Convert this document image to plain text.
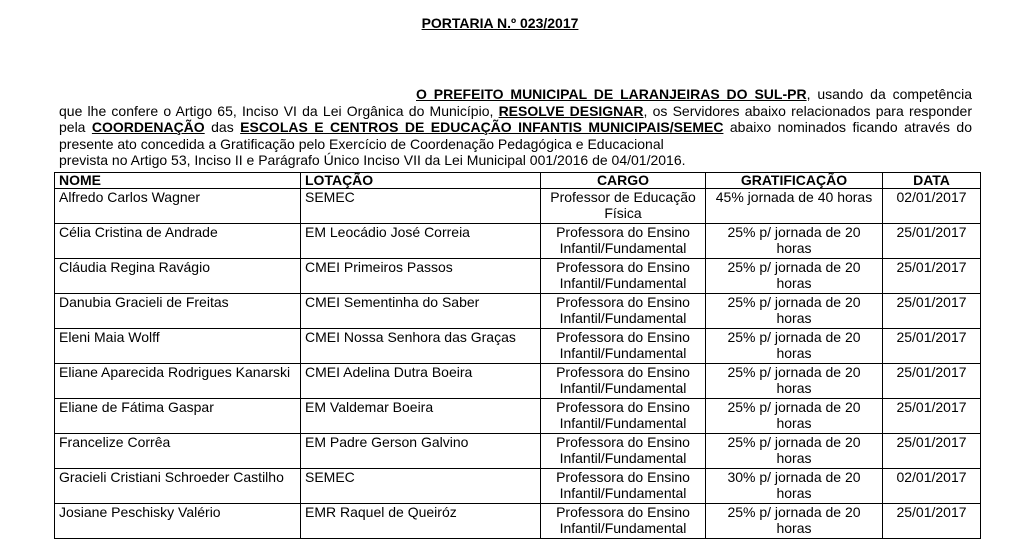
PORTARIA N.º 023/2017
O PREFEITO MUNICIPAL DE LARANJEIRAS DO SUL-PR, usando da competência que lhe confere o Artigo 65, Inciso VI da Lei Orgânica do Município, RESOLVE DESIGNAR, os Servidores abaixo relacionados para responder pela COORDENAÇÃO das ESCOLAS E CENTROS DE EDUCAÇÃO INFANTIS MUNICIPAIS/SEMEC abaixo nominados ficando através do presente ato concedida a Gratificação pelo Exercício de Coordenação Pedagógica e Educacional
prevista no Artigo 53, Inciso II e Parágrafo Único Inciso VII da Lei Municipal 001/2016 de 04/01/2016.
NOME	LOTAÇÃO	CARGO	GRATIFICAÇÃO	DATA
Alfredo Carlos Wagner	SEMEC	Professor de Educação Física	45% jornada de 40 horas	02/01/2017
Célia Cristina de Andrade	EM Leocádio José Correia	Professora do Ensino Infantil/Fundamental	25% p/ jornada de 20 horas	25/01/2017
Cláudia Regina Ravágio	CMEI Primeiros Passos	Professora do Ensino Infantil/Fundamental	25% p/ jornada de 20 horas	25/01/2017
Danubia Gracieli de Freitas	CMEI Sementinha do Saber	Professora do Ensino Infantil/Fundamental	25% p/ jornada de 20 horas	25/01/2017
Eleni Maia Wolff	CMEI Nossa Senhora das Graças	Professora do Ensino Infantil/Fundamental	25% p/ jornada de 20 horas	25/01/2017
Eliane Aparecida Rodrigues Kanarski	CMEI Adelina Dutra Boeira	Professora do Ensino Infantil/Fundamental	25% p/ jornada de 20 horas	25/01/2017
Eliane de Fátima Gaspar	EM Valdemar Boeira	Professora do Ensino Infantil/Fundamental	25% p/ jornada de 20 horas	25/01/2017
Francelize Corrêa	EM Padre Gerson Galvino	Professora do Ensino Infantil/Fundamental	25% p/ jornada de 20 horas	25/01/2017
Gracieli Cristiani Schroeder Castilho	SEMEC	Professora do Ensino Infantil/Fundamental	30% p/ jornada de 20 horas	02/01/2017
Josiane Peschisky Valério	EMR Raquel de Queiróz	Professora do Ensino Infantil/Fundamental	25% p/ jornada de 20 horas	25/01/2017
